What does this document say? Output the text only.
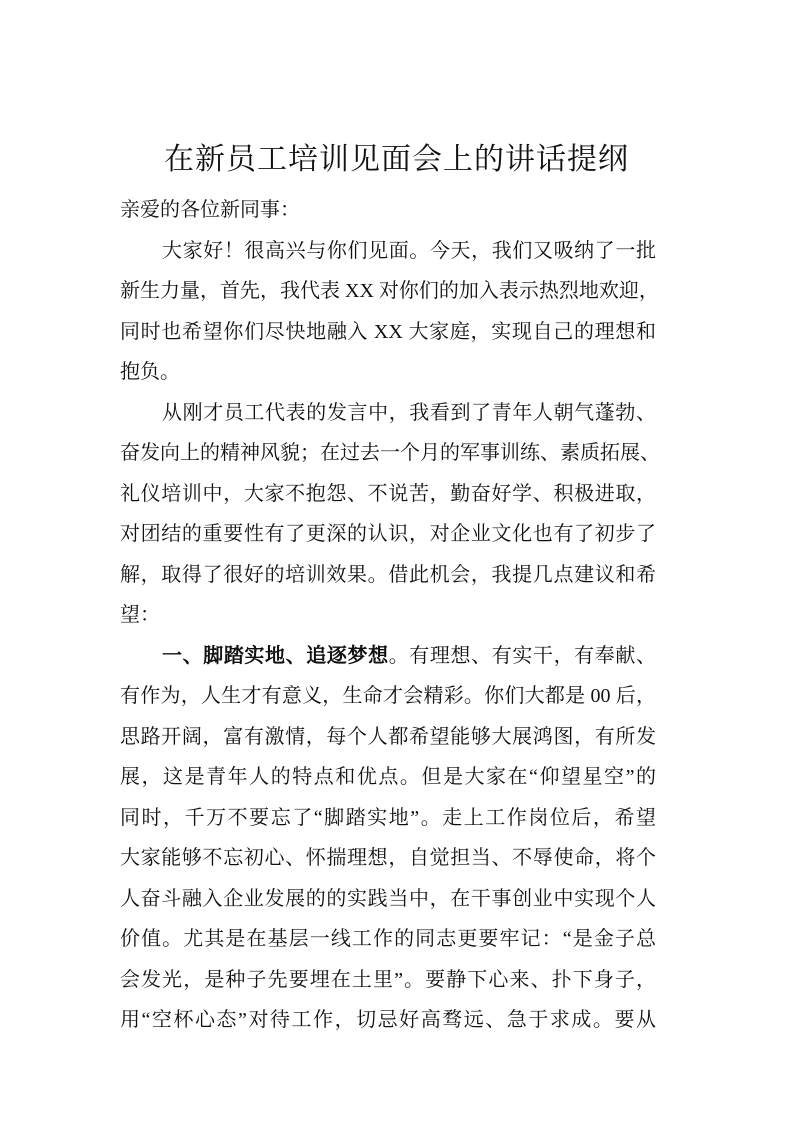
在新员工培训见面会上的讲话提纲
亲爱的各位新同事：
大家好！很高兴与你们见面。今天，我们又吸纳了一批
新生力量，首先，我代表 XX 对你们的加入表示热烈地欢迎，
同时也希望你们尽快地融入 XX 大家庭，实现自己的理想和
抱负。
从刚才员工代表的发言中，我看到了青年人朝气蓬勃、
奋发向上的精神风貌；在过去一个月的军事训练、素质拓展、
礼仪培训中，大家不抱怨、不说苦，勤奋好学、积极进取，
对团结的重要性有了更深的认识，对企业文化也有了初步了
解，取得了很好的培训效果。借此机会，我提几点建议和希
望：
一、脚踏实地、追逐梦想。有理想、有实干，有奉献、
有作为，人生才有意义，生命才会精彩。你们大都是 00 后，
思路开阔，富有激情，每个人都希望能够大展鸿图，有所发
展，这是青年人的特点和优点。但是大家在“仰望星空”的
同时，千万不要忘了“脚踏实地”。走上工作岗位后，希望
大家能够不忘初心、怀揣理想，自觉担当、不辱使命，将个
人奋斗融入企业发展的的实践当中，在干事创业中实现个人
价值。尤其是在基层一线工作的同志更要牢记：“是金子总
会发光，是种子先要埋在土里”。要静下心来、扑下身子，
用“空杯心态”对待工作，切忌好高骛远、急于求成。要从
